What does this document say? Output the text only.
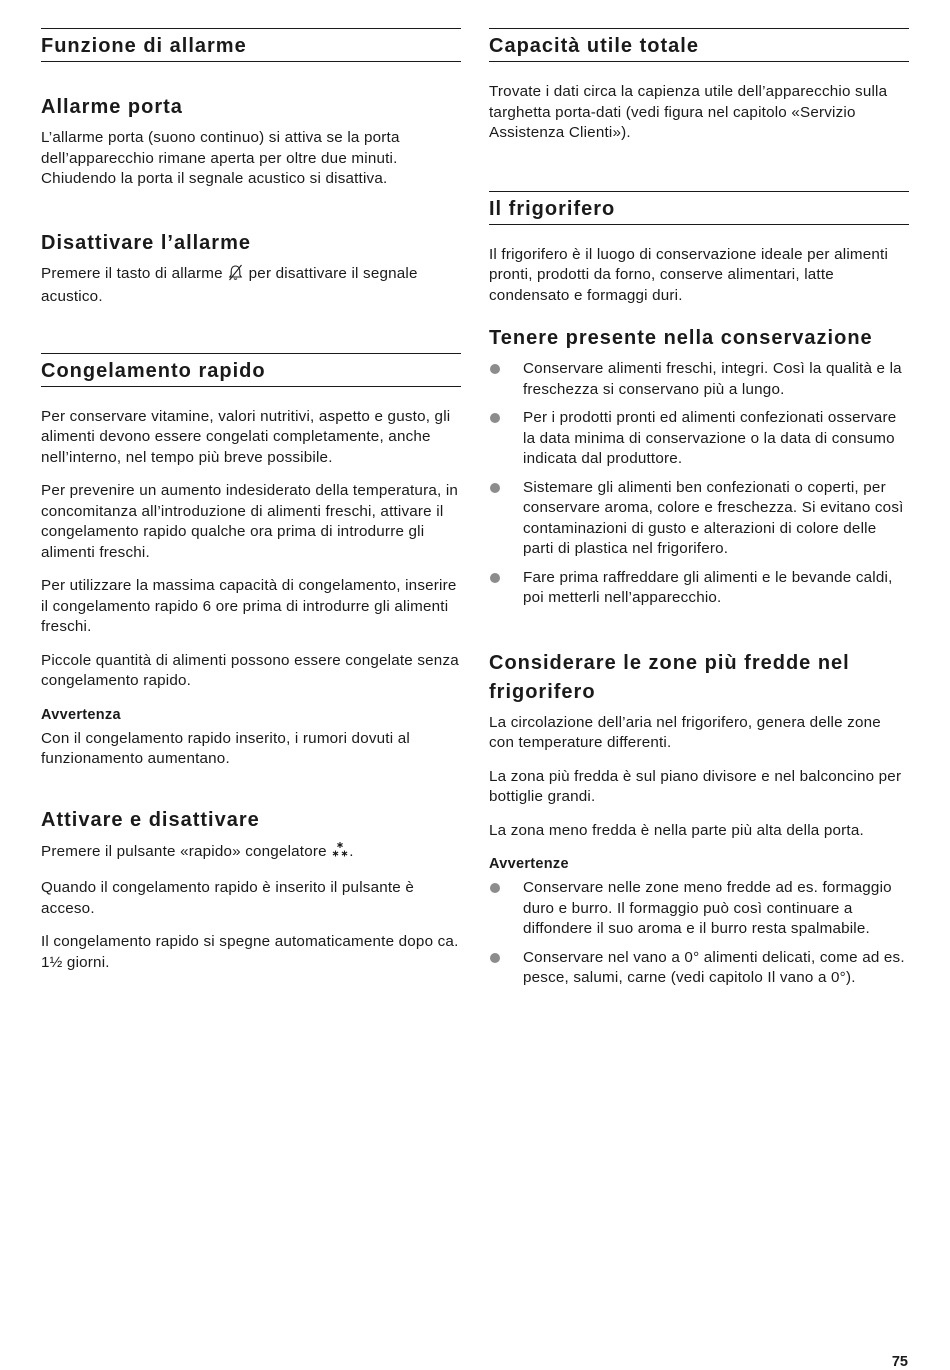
Funzione di allarme
Allarme porta

L’allarme porta (suono continuo) si attiva se la porta dell’apparecchio rimane aperta per oltre due minuti. Chiudendo la porta il segnale acustico si disattiva.

Disattivare l’allarme

Premere il tasto di allarme  per disattivare il segnale acustico.

Congelamento rapido

Per conservare vitamine, valori nutritivi, aspetto e gusto, gli alimenti devono essere congelati completamente, anche nell’interno, nel tempo più breve possibile.

Per prevenire un aumento indesiderato della temperatura, in concomitanza all’introduzione di alimenti freschi, attivare il congelamento rapido qualche ora prima di introdurre gli alimenti freschi.

Per utilizzare la massima capacità di congelamento, inserire il congelamento rapido 6 ore prima di introdurre gli alimenti freschi.

Piccole quantità di alimenti possono essere congelate senza congelamento rapido.

Avvertenza

Con il congelamento rapido inserito, i rumori dovuti al funzionamento aumentano.

Attivare e disattivare

Premere il pulsante «rapido» congelatore .

Quando il congelamento rapido è inserito il pulsante è acceso.

Il congelamento rapido si spegne automaticamente dopo ca. 1½ giorni.

Capacità utile totale

Trovate i dati circa la capienza utile dell’apparecchio sulla targhetta porta-dati (vedi figura nel capitolo «Servizio Assistenza Clienti»).

Il frigorifero

Il frigorifero è il luogo di conservazione ideale per alimenti pronti, prodotti da forno, conserve alimentari, latte condensato e formaggi duri.

Tenere presente nella conservazione
Conservare alimenti freschi, integri. Così la qualità e la freschezza si conservano più a lungo.
Per i prodotti pronti ed alimenti confezionati osservare la data minima di conservazione o la data di consumo indicata dal produttore.
Sistemare gli alimenti ben confezionati o coperti, per conservare aroma, colore e freschezza. Si evitano così contaminazioni di gusto e alterazioni di colore delle parti di plastica nel frigorifero.
Fare prima raffreddare gli alimenti e le bevande caldi, poi metterli nell’apparecchio.
Considerare le zone più fredde nel frigorifero

La circolazione dell’aria nel frigorifero, genera delle zone con temperature differenti.

La zona più fredda è sul piano divisore e nel balconcino per bottiglie grandi.

La zona meno fredda è nella parte più alta della porta.

Avvertenze
Conservare nelle zone meno fredde ad es. formaggio duro e burro. Il formaggio può così continuare a diffondere il suo aroma e il burro resta spalmabile.
Conservare nel vano a 0° alimenti delicati, come ad es. pesce, salumi, carne (vedi capitolo Il vano a 0°).
75
